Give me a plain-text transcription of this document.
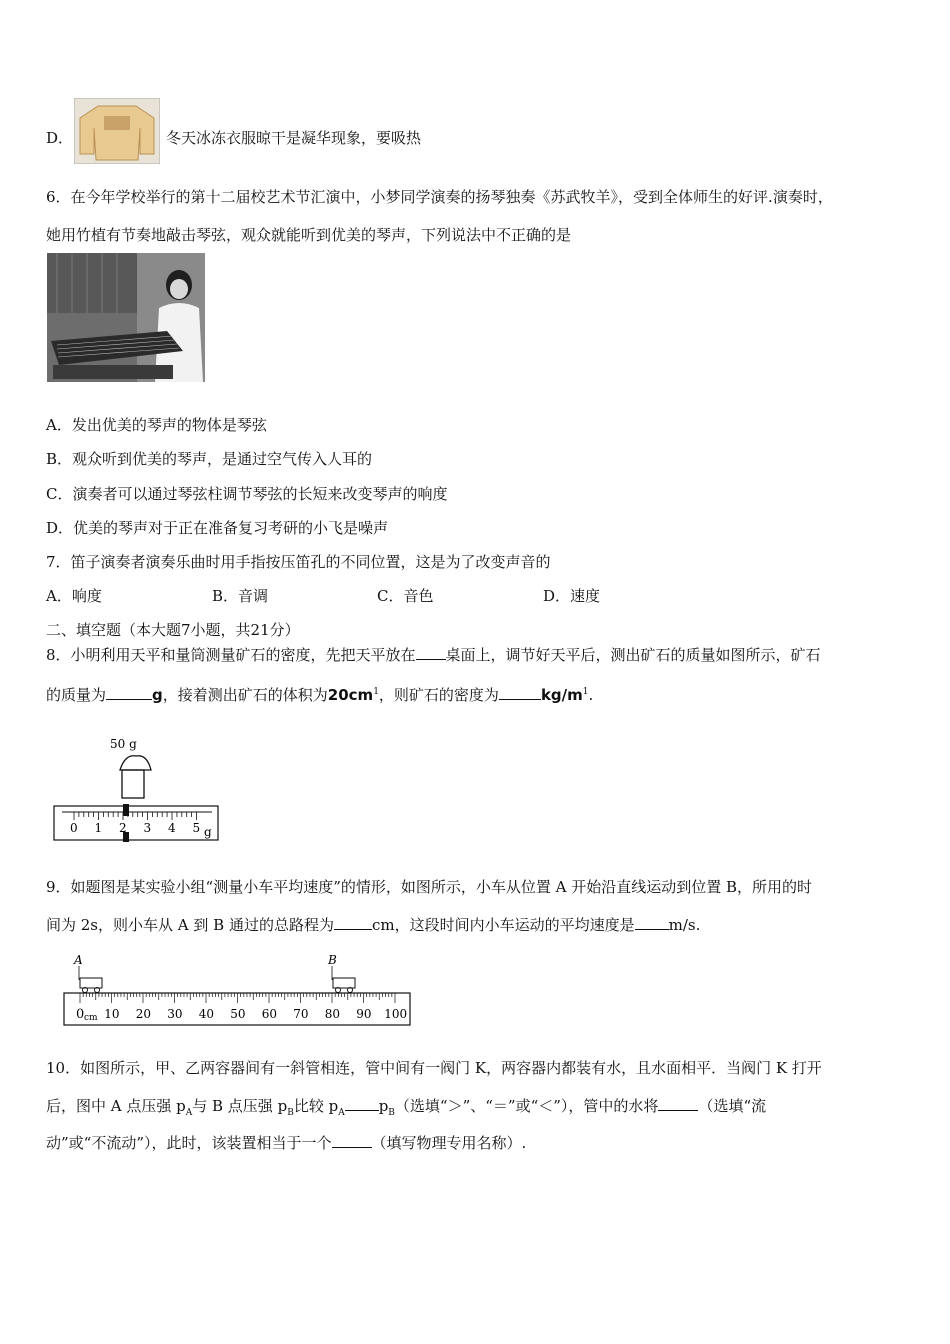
D．	冬天冰冻衣服晾干是凝华现象，要吸热
6．在今年学校举行的第十二届校艺术节汇演中，小梦同学演奏的扬琴独奏《苏武牧羊》，受到全体师生的好评.演奏时，
她用竹植有节奏地敲击琴弦，观众就能听到优美的琴声，下列说法中不正确的是
A．发出优美的琴声的物体是琴弦
B．观众听到优美的琴声，是通过空气传入人耳的
C．演奏者可以通过琴弦柱调节琴弦的长短来改变琴声的响度
D．优美的琴声对于正在准备复习考研的小飞是噪声
7．笛子演奏者演奏乐曲时用手指按压笛孔的不同位置，这是为了改变声音的
A．响度	B．音调	C．音色	D．速度
二、填空题（本大题7小题，共21分）
8．小明利用天平和量筒测量矿石的密度，先把天平放在 桌面上，调节好天平后，测出矿石的质量如图所示，矿石
的质量为	g，接着测出矿石的体积为$20cm^1$，则矿石的密度为	$kg/m^1$.
50 g
0 1 2 3 4 5 g
9．如题图是某实验小组“测量小车平均速度”的情形，如图所示，小车从位置 A 开始沿直线运动到位置 B，所用的时
间为 2s，则小车从 A 到 B 通过的总路程为	cm，这段时间内小车运动的平均速度是 m/s.
A	B
0 cm 10 20 30 40 50 60 70 80 90 100
10．如图所示，甲、乙两容器间有一斜管相连，管中间有一阀门 K，两容器内都装有水，且水面相平．当阀门 K 打开
后，图中 A 点压强 $p_A$与 B 点压强 $p_B$比较 $p_A$ $p_B$（选填“＞”、“＝”或“＜”），管中的水将	（选填“流
动”或“不流动”），此时，该装置相当于一个	（填写物理专用名称）.
